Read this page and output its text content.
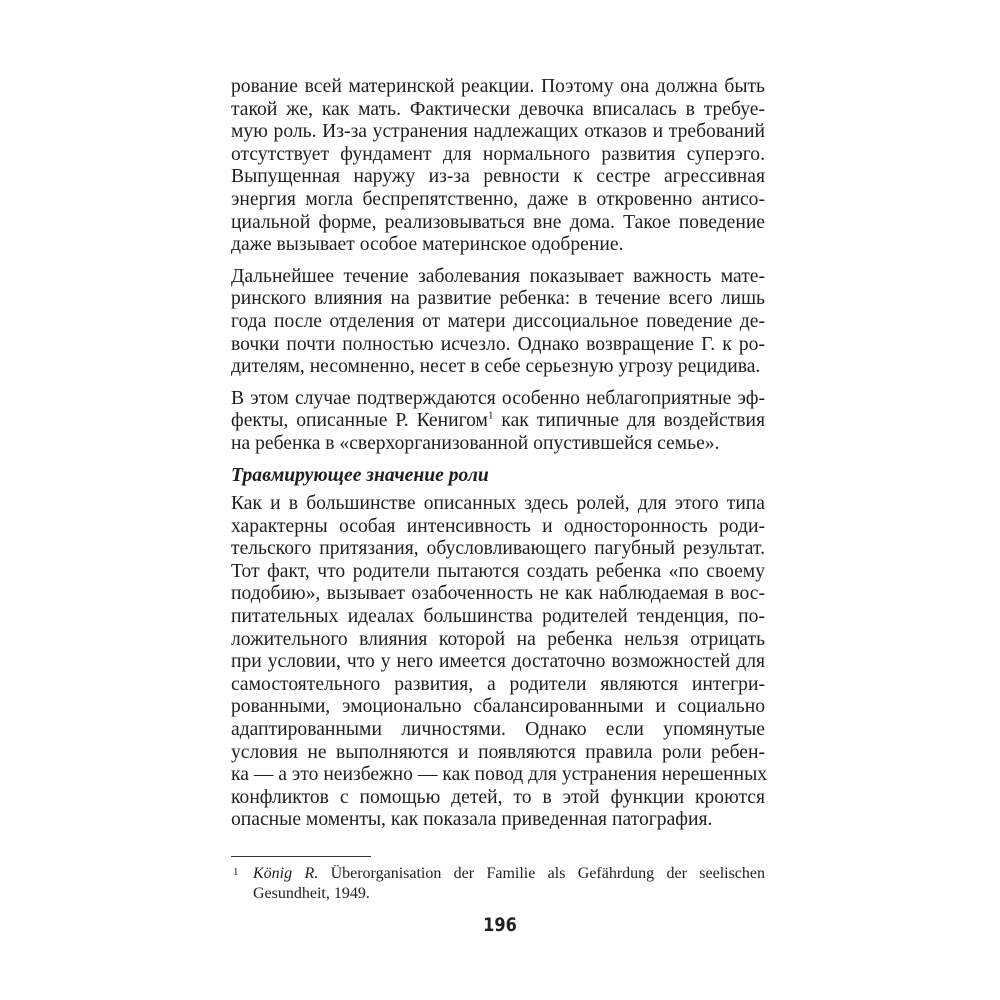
рование всей материнской реакции. Поэтому она должна быть
такой же, как мать. Фактически девочка вписалась в требуе-
мую роль. Из-за устранения надлежащих отказов и требований
отсутствует фундамент для нормального развития суперэго.
Выпущенная наружу из-за ревности к сестре агрессивная
энергия могла беспрепятственно, даже в откровенно антисо-
циальной форме, реализовываться вне дома. Такое поведение
даже вызывает особое материнское одобрение.
Дальнейшее течение заболевания показывает важность мате-
ринского влияния на развитие ребенка: в течение всего лишь
года после отделения от матери диссоциальное поведение де-
вочки почти полностью исчезло. Однако возвращение Г. к ро-
дителям, несомненно, несет в себе серьезную угрозу рецидива.
В этом случае подтверждаются особенно неблагоприятные эф-
фекты, описанные Р. Кенигом$^1$ как типичные для воздействия
на ребенка в «сверхорганизованной опустившейся семье».
Травмирующее значение роли
Как и в большинстве описанных здесь ролей, для этого типа
характерны особая интенсивность и односторонность роди-
тельского притязания, обусловливающего пагубный результат.
Тот факт, что родители пытаются создать ребенка «по своему
подобию», вызывает озабоченность не как наблюдаемая в вос-
питательных идеалах большинства родителей тенденция, по-
ложительного влияния которой на ребенка нельзя отрицать
при условии, что у него имеется достаточно возможностей для
самостоятельного развития, а родители являются интегри-
рованными, эмоционально сбалансированными и социально
адаптированными личностями. Однако если упомянутые
условия не выполняются и появляются правила роли ребен-
ка — а это неизбежно — как повод для устранения нерешенных
конфликтов с помощью детей, то в этой функции кроются
опасные моменты, как показала приведенная патография.
1 König R. Überorganisation der Familie als Gefährdung der seelischen
Gesundheit, 1949.
196
